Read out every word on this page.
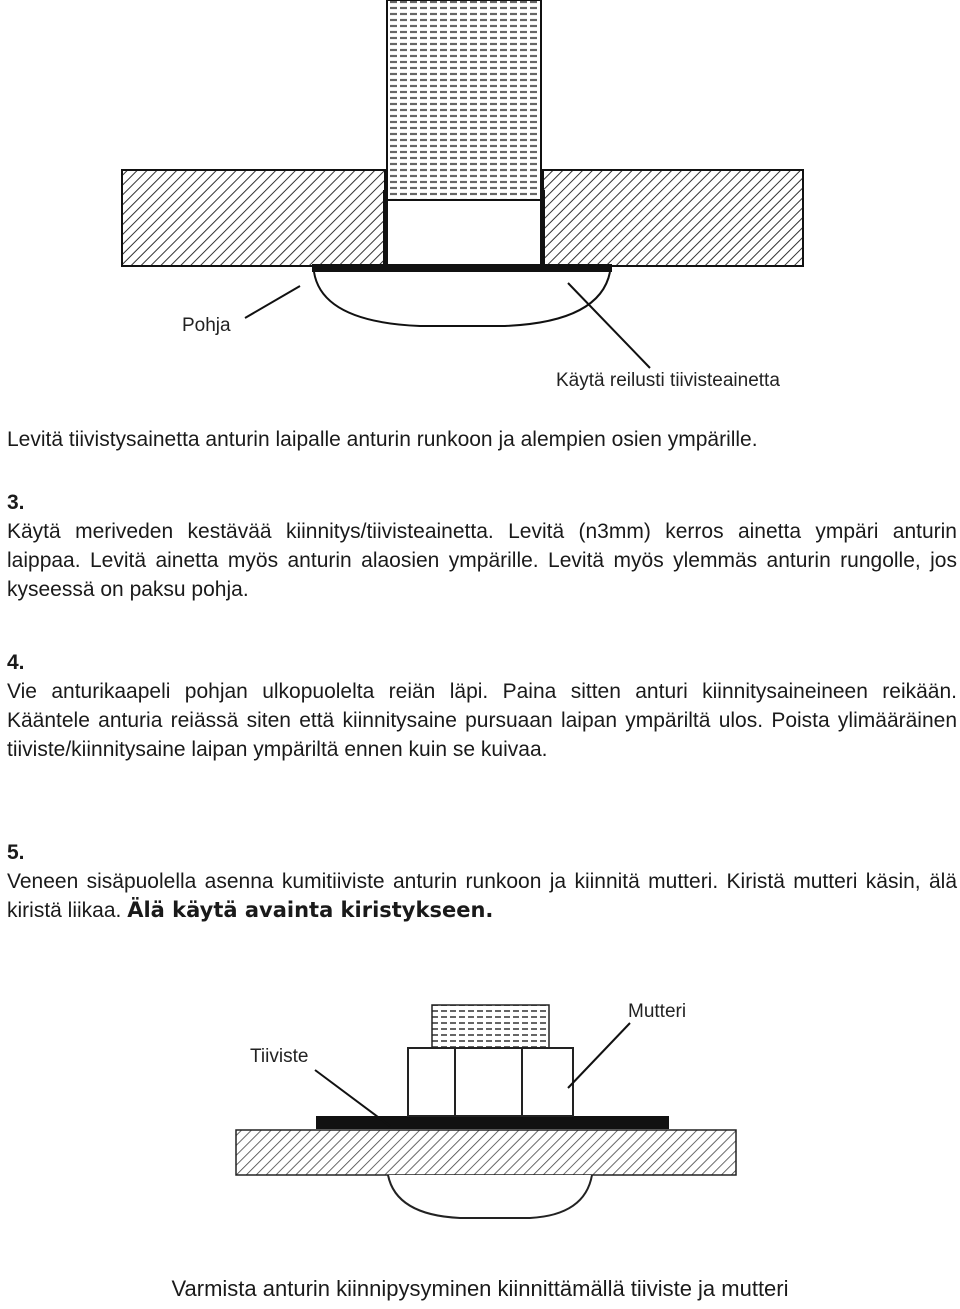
Pohja
Käytä reilusti tiivisteainetta

Levitä tiivistysainetta anturin laipalle anturin runkoon ja alempien osien ympärille.

3.

Käytä meriveden kestävää kiinnitys/tiivisteainetta. Levitä (n3mm) kerros ainetta ympäri anturin laippaa. Levitä ainetta myös anturin alaosien ympärille. Levitä myös ylemmäs anturin rungolle, jos kyseessä on paksu pohja.

4.

Vie anturikaapeli pohjan ulkopuolelta reiän läpi. Paina sitten anturi kiinnitysaineineen reikään. Kääntele anturia reiässä siten että kiinnitysaine pursuaan laipan ympäriltä ulos. Poista ylimääräinen tiiviste/kiinnitysaine laipan ympäriltä ennen kuin se kuivaa.

5.

Veneen sisäpuolella asenna kumitiiviste anturin runkoon ja kiinnitä mutteri. Kiristä mutteri käsin, älä kiristä liikaa. Älä käytä avainta kiristykseen.

Mutteri
Tiiviste
Varmista anturin kiinnipysyminen kiinnittämällä tiiviste ja mutteri
